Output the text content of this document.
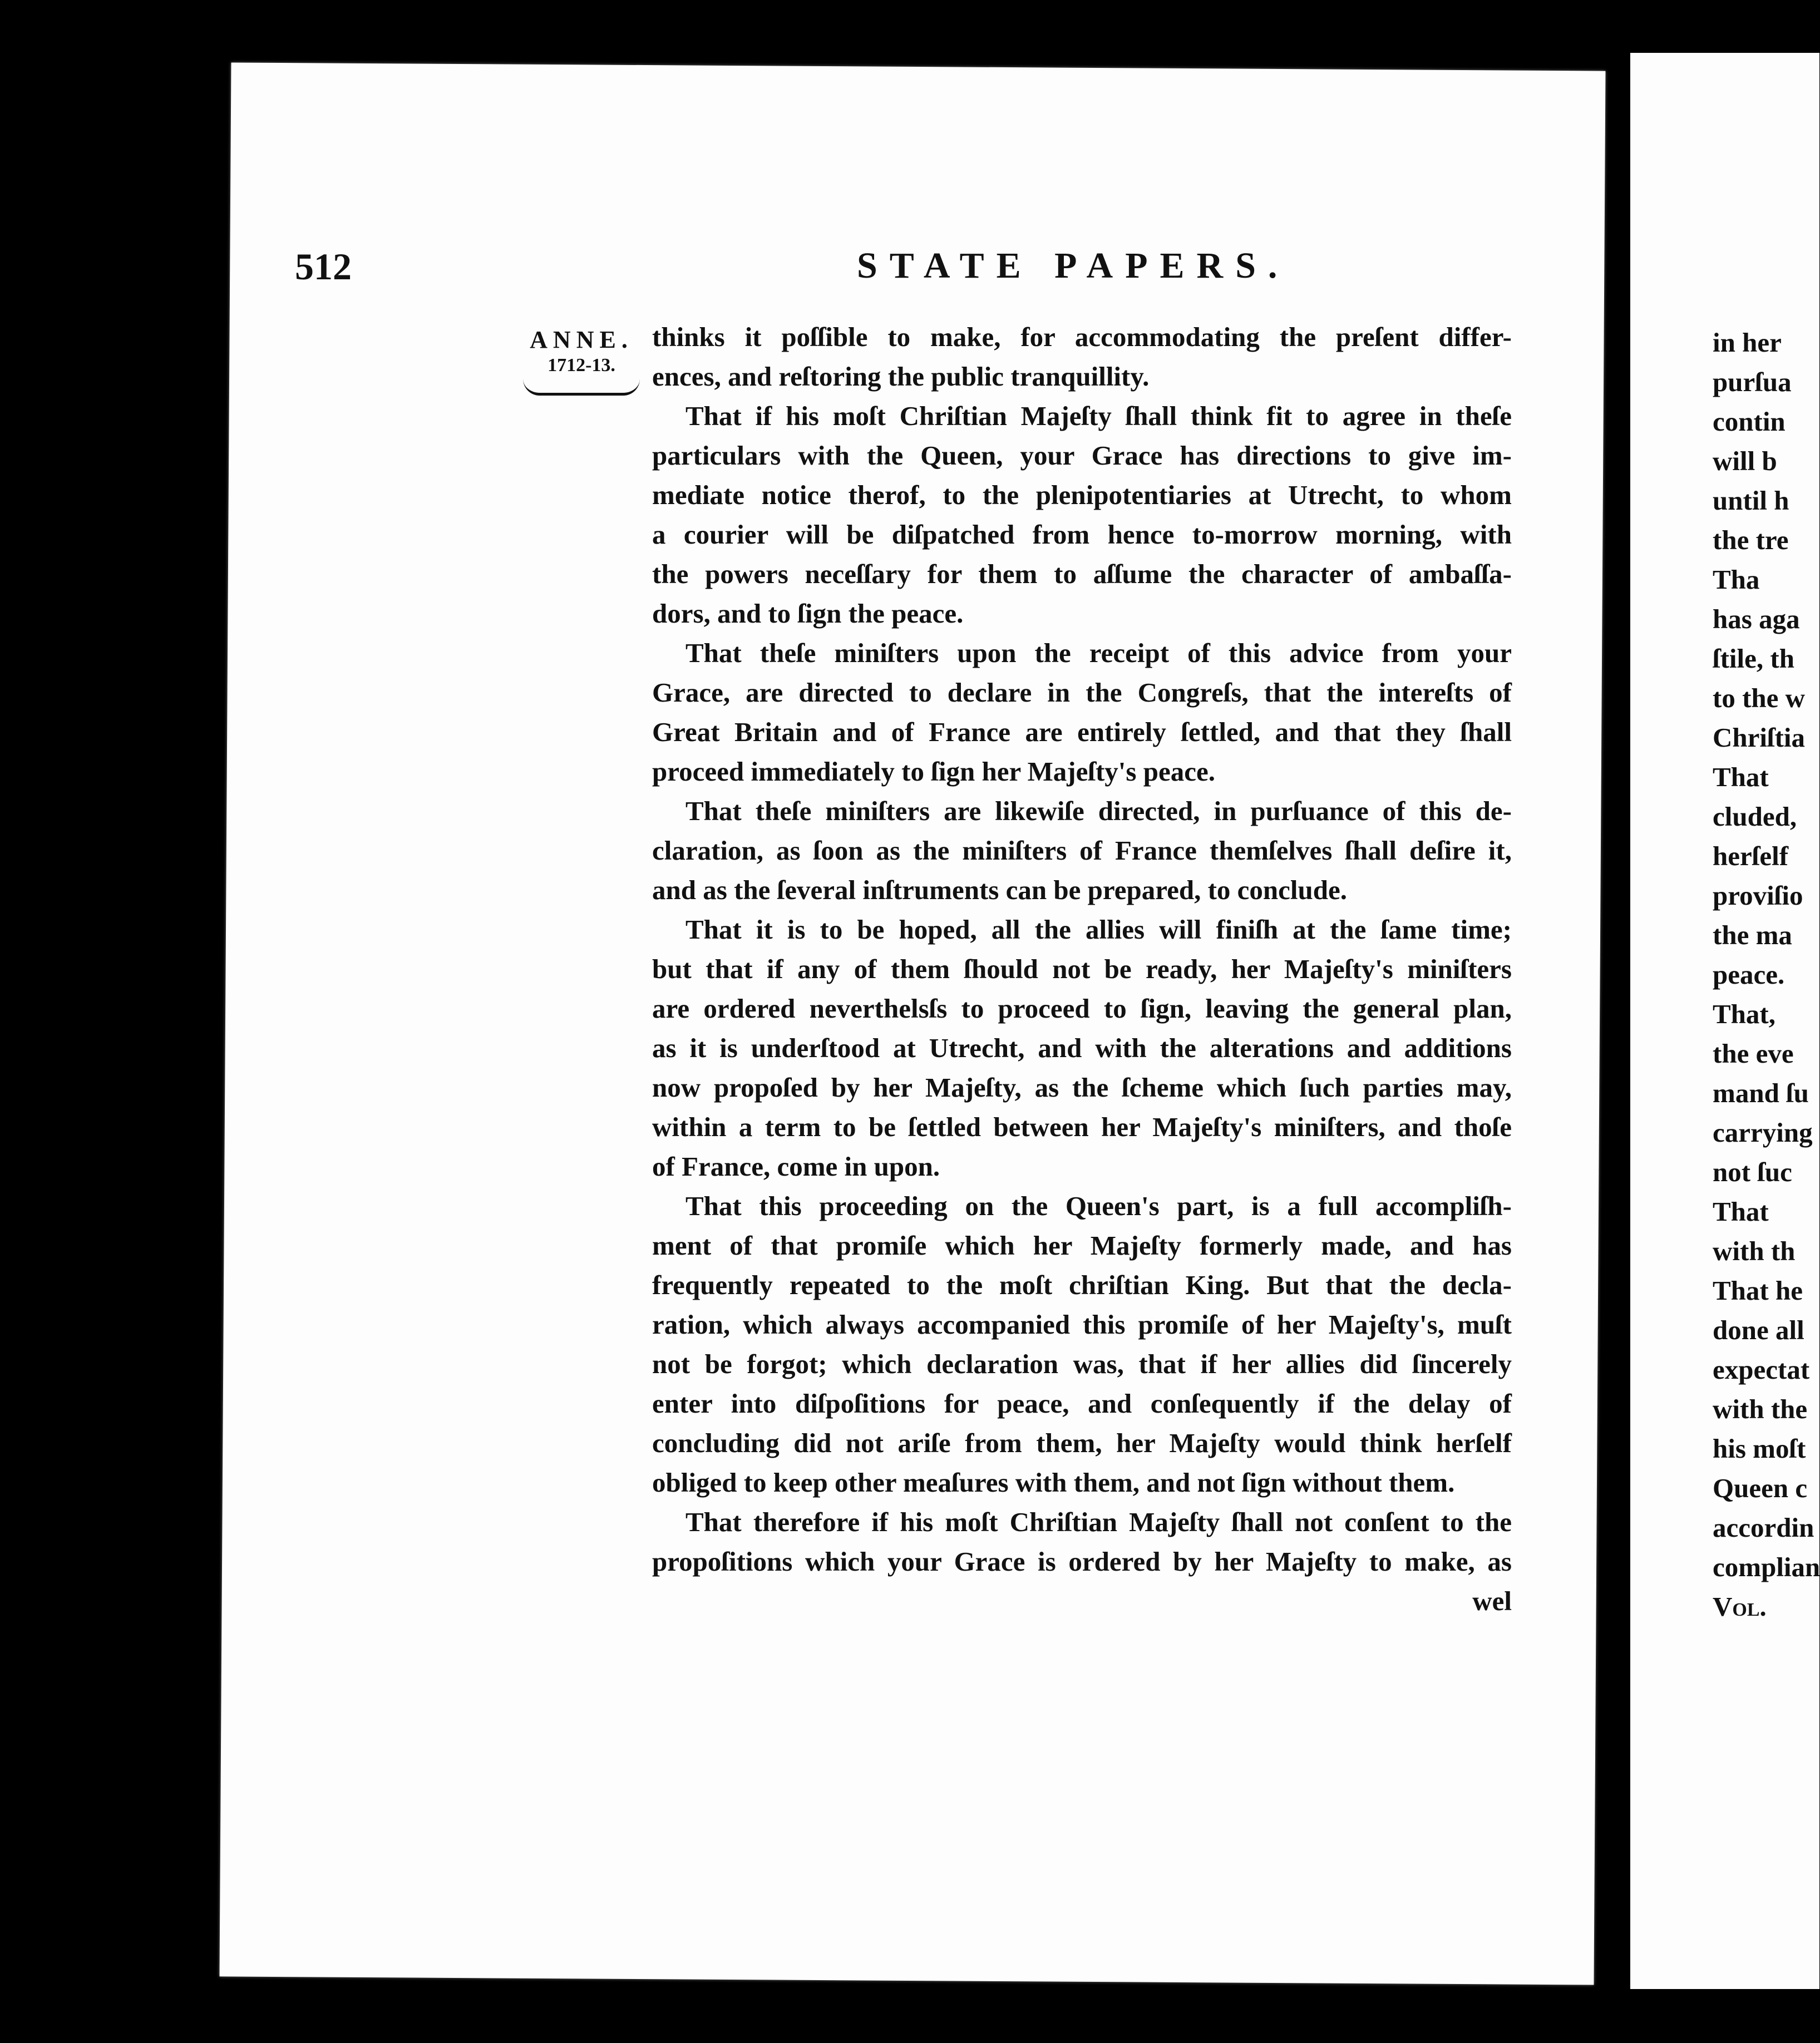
512	STATE PAPERS.
ANNE.
1712-13.
thinks it poſſible to make, for accommodating the preſent differ-
ences, and reſtoring the public tranquillity.
That if his moſt Chriſtian Majeſty ſhall think fit to agree in theſe
particulars with the Queen, your Grace has directions to give im-
mediate notice therof, to the plenipotentiaries at Utrecht, to whom
a courier will be diſpatched from hence to-morrow morning, with
the powers neceſſary for them to aſſume the character of ambaſſa-
dors, and to ſign the peace.
That theſe miniſters upon the receipt of this advice from your
Grace, are directed to declare in the Congreſs, that the intereſts of
Great Britain and of France are entirely ſettled, and that they ſhall
proceed immediately to ſign her Majeſty's peace.
That theſe miniſters are likewiſe directed, in purſuance of this de-
claration, as ſoon as the miniſters of France themſelves ſhall deſire it,
and as the ſeveral inſtruments can be prepared, to conclude.
That it is to be hoped, all the allies will finiſh at the ſame time;
but that if any of them ſhould not be ready, her Majeſty's miniſters
are ordered neverthelsſs to proceed to ſign, leaving the general plan,
as it is underſtood at Utrecht, and with the alterations and additions
now propoſed by her Majeſty, as the ſcheme which ſuch parties may,
within a term to be ſettled between her Majeſty's miniſters, and thoſe
of France, come in upon.
That this proceeding on the Queen's part, is a full accompliſh-
ment of that promiſe which her Majeſty formerly made, and has
frequently repeated to the moſt chriſtian King. But that the decla-
ration, which always accompanied this promiſe of her Majeſty's, muſt
not be forgot; which declaration was, that if her allies did ſincerely
enter into diſpoſitions for peace, and conſequently if the delay of
concluding did not ariſe from them, her Majeſty would think herſelf
obliged to keep other meaſures with them, and not ſign without them.
That therefore if his moſt Chriſtian Majeſty ſhall not conſent to the
propoſitions which your Grace is ordered by her Majeſty to make, as
wel
in her
purſua
contin
will b
until h
the tre
Tha
has aga
ſtile, th
to the w
Chriſtia
That
cluded,
herſelf
proviſio
the ma
peace.
That,
the eve
mand ſu
carrying
not ſuc
That
with th
That he
done all
expectat
with the
his moſt
Queen c
accordin
complian
Vol.
